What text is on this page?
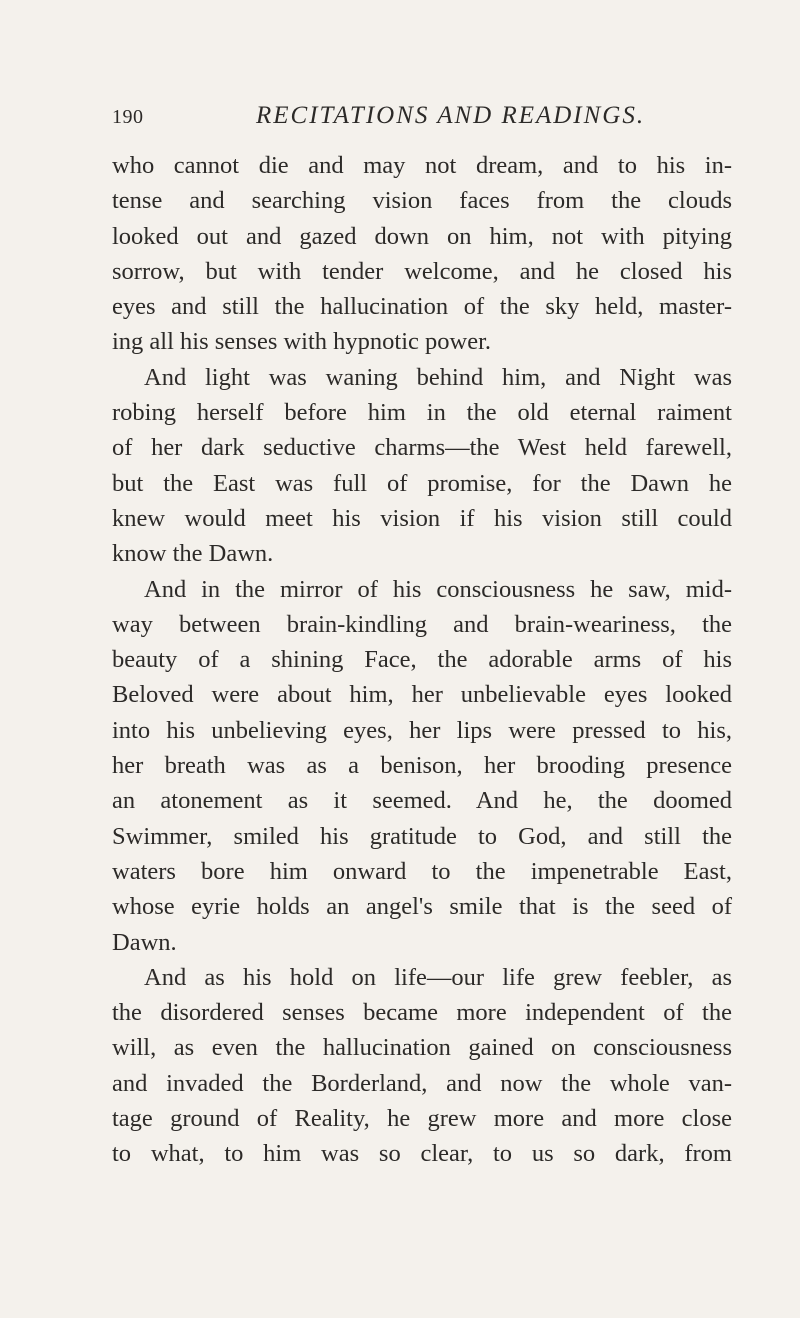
190	RECITATIONS AND READINGS.
who cannot die and may not dream, and to his in-
tense and searching vision faces from the clouds
looked out and gazed down on him, not with pitying
sorrow, but with tender welcome, and he closed his
eyes and still the hallucination of the sky held, master-
ing all his senses with hypnotic power.
And light was waning behind him, and Night was
robing herself before him in the old eternal raiment
of her dark seductive charms—the West held farewell,
but the East was full of promise, for the Dawn he
knew would meet his vision if his vision still could
know the Dawn.
And in the mirror of his consciousness he saw, mid-
way between brain-kindling and brain-weariness, the
beauty of a shining Face, the adorable arms of his
Beloved were about him, her unbelievable eyes looked
into his unbelieving eyes, her lips were pressed to his,
her breath was as a benison, her brooding presence
an atonement as it seemed. And he, the doomed
Swimmer, smiled his gratitude to God, and still the
waters bore him onward to the impenetrable East,
whose eyrie holds an angel's smile that is the seed of
Dawn.
And as his hold on life—our life grew feebler, as
the disordered senses became more independent of the
will, as even the hallucination gained on consciousness
and invaded the Borderland, and now the whole van-
tage ground of Reality, he grew more and more close
to what, to him was so clear, to us so dark, from
